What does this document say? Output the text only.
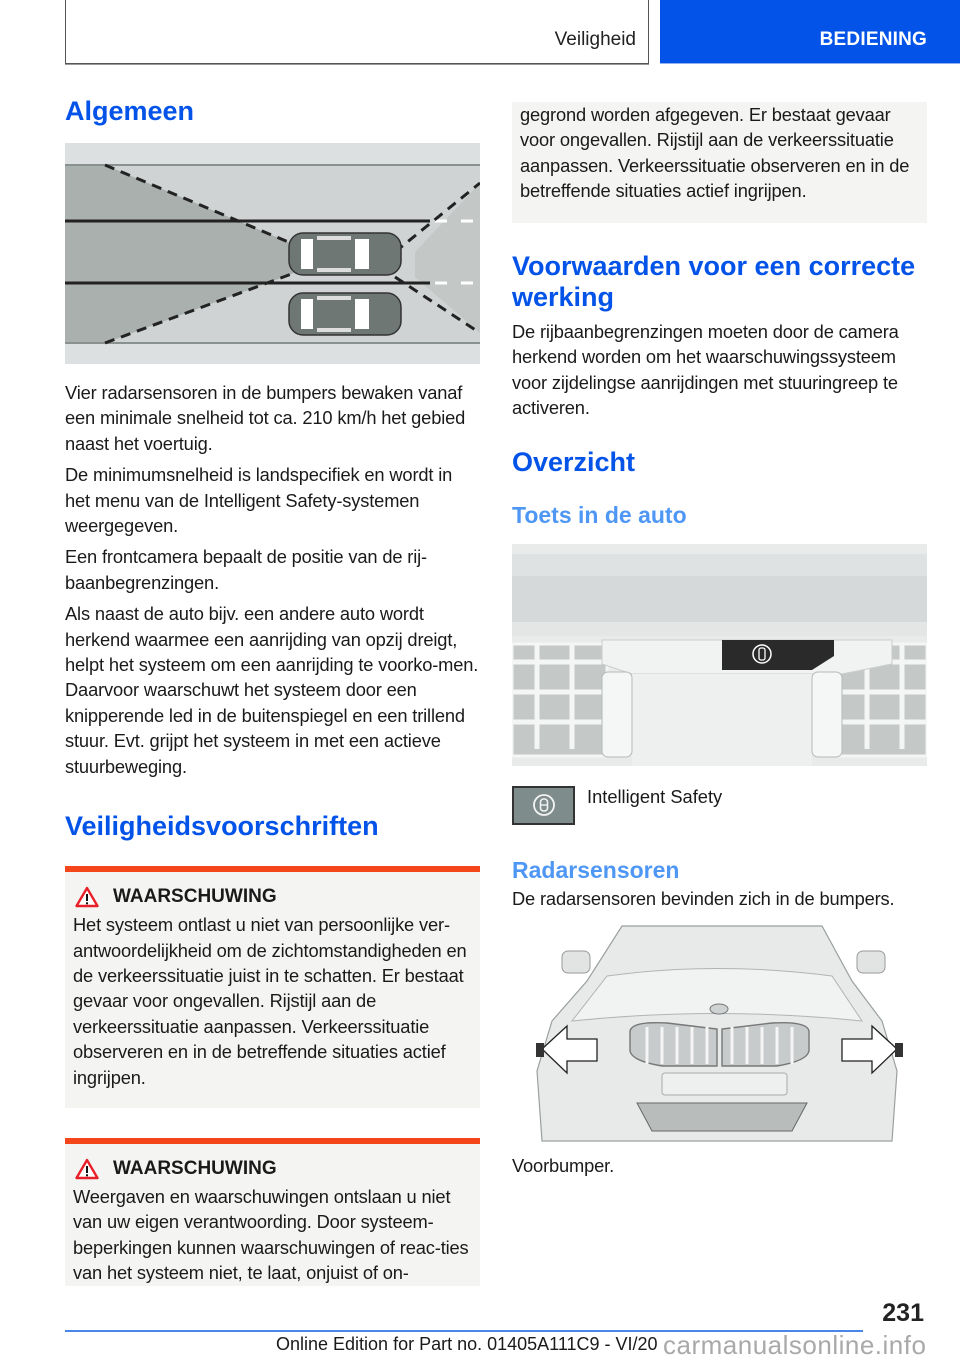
Veiligheid	BEDIENING
Algemeen

Vier radarsensoren in de bumpers bewaken vanaf een minimale snelheid tot ca. 210 km/h het gebied naast het voertuig.

De minimumsnelheid is landspecifiek en wordt in het menu van de Intelligent Safety-systemen weergegeven.

Een frontcamera bepaalt de positie van de rij-baanbegrenzingen.

Als naast de auto bijv. een andere auto wordt herkend waarmee een aanrijding van opzij dreigt, helpt het systeem om een aanrijding te voorko-men. Daarvoor waarschuwt het systeem door een knipperende led in de buitenspiegel en een trillend stuur. Evt. grijpt het systeem in met een actieve stuurbeweging.

Veiligheidsvoorschriften
WAARSCHUWING

Het systeem ontlast u niet van persoonlijke ver-antwoordelijkheid om de zichtomstandigheden en de verkeerssituatie juist in te schatten. Er bestaat gevaar voor ongevallen. Rijstijl aan de verkeerssituatie aanpassen. Verkeerssituatie observeren en in de betreffende situaties actief ingrijpen.

WAARSCHUWING

Weergaven en waarschuwingen ontslaan u niet van uw eigen verantwoording. Door systeem-beperkingen kunnen waarschuwingen of reac-ties van het systeem niet, te laat, onjuist of on-

gegrond worden afgegeven. Er bestaat gevaar voor ongevallen. Rijstijl aan de verkeerssituatie aanpassen. Verkeerssituatie observeren en in de betreffende situaties actief ingrijpen.

Voorwaarden voor een correcte werking

De rijbaanbegrenzingen moeten door de camera herkend worden om het waarschuwingssysteem voor zijdelingse aanrijdingen met stuuringreep te activeren.

Overzicht
Toets in de auto
Intelligent Safety
Radarsensoren

De radarsensoren bevinden zich in de bumpers.

Voorbumper.

231
Online Edition for Part no. 01405A111C9 - VI/20 carmanualsonline.info
